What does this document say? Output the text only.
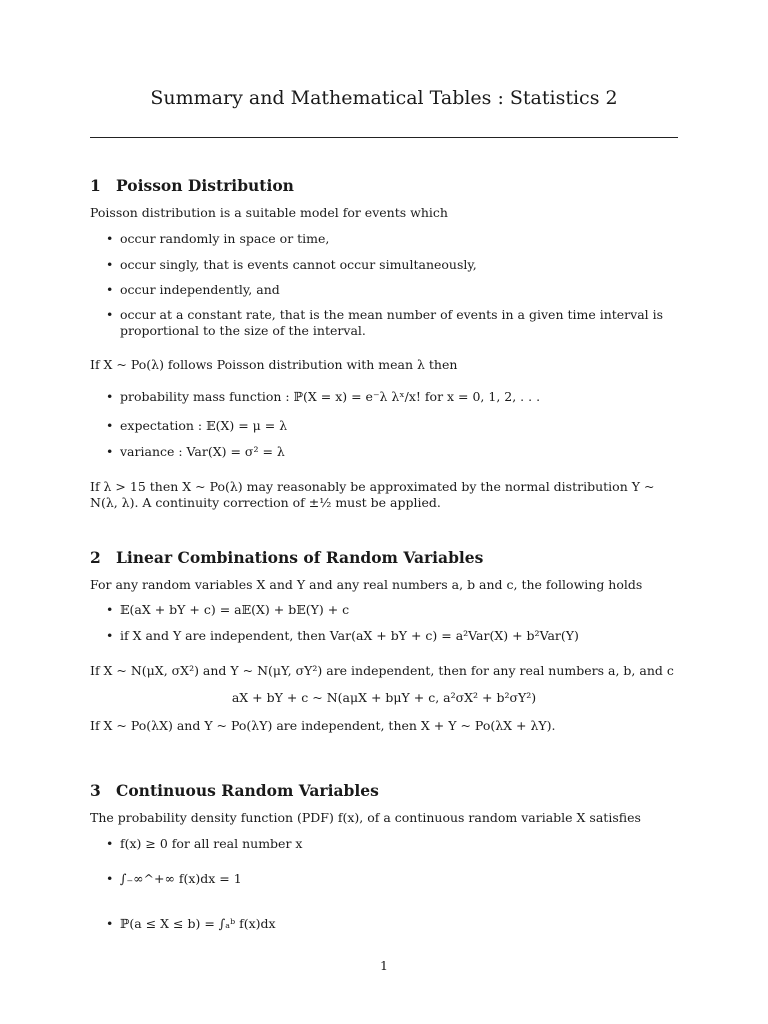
Summary and Mathematical Tables : Statistics 2
1 Poisson Distribution
Poisson distribution is a suitable model for events which
• occur randomly in space or time,
• occur singly, that is events cannot occur simultaneously,
• occur independently, and
• occur at a constant rate, that is the mean number of events in a given time interval is proportional to the size of the interval.
If X ~ Po(λ) follows Poisson distribution with mean λ then
• probability mass function : ℙ(X = x) = e⁻λ λˣ/x! for x = 0, 1, 2, . . .
• expectation : 𝔼(X) = μ = λ
• variance : Var(X) = σ² = λ
If λ > 15 then X ~ Po(λ) may reasonably be approximated by the normal distribution Y ~ N(λ, λ). A continuity correction of ±½ must be applied.
2 Linear Combinations of Random Variables
For any random variables X and Y and any real numbers a, b and c, the following holds
• 𝔼(aX + bY + c) = a𝔼(X) + b𝔼(Y) + c
• if X and Y are independent, then Var(aX + bY + c) = a²Var(X) + b²Var(Y)
If X ~ N(μX, σX²) and Y ~ N(μY, σY²) are independent, then for any real numbers a, b, and c
aX + bY + c ~ N(aμX + bμY + c, a²σX² + b²σY²)
If X ~ Po(λX) and Y ~ Po(λY) are independent, then X + Y ~ Po(λX + λY).
3 Continuous Random Variables
The probability density function (PDF) f(x), of a continuous random variable X satisfies
• f(x) ≥ 0 for all real number x
• ∫₋∞^+∞ f(x)dx = 1
• ℙ(a ≤ X ≤ b) = ∫ₐᵇ f(x)dx
1
